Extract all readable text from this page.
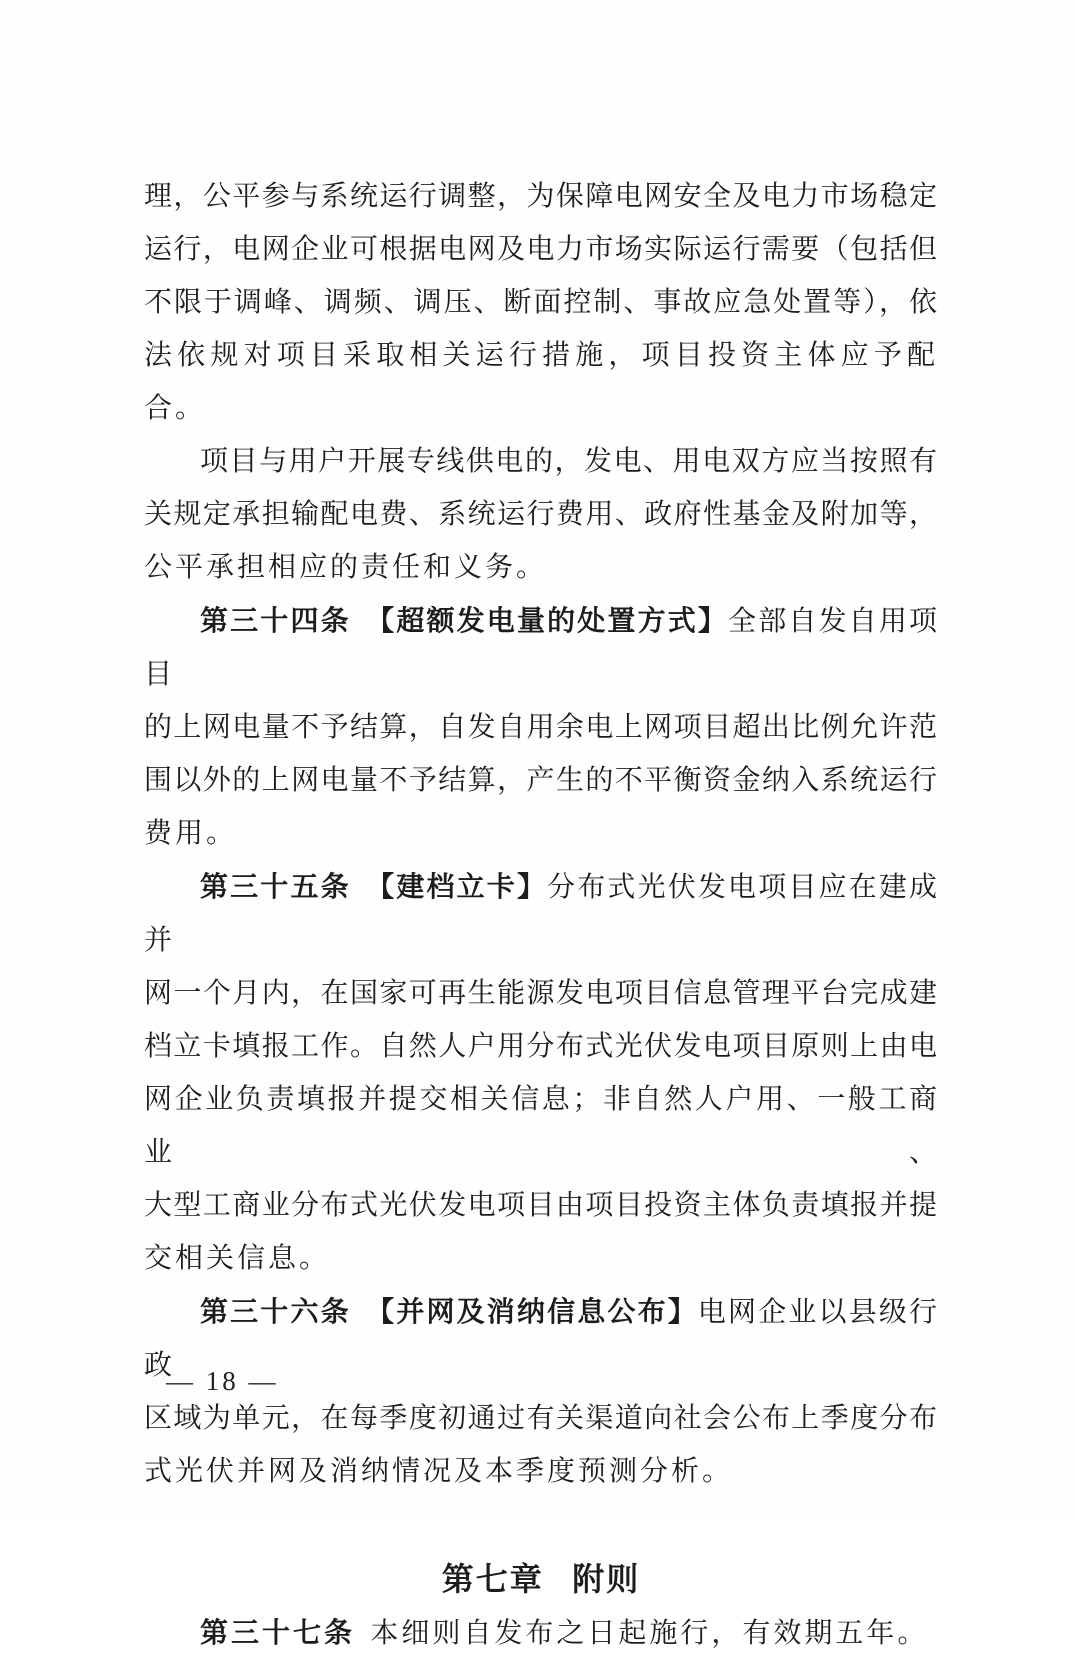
理，公平参与系统运行调整，为保障电网安全及电力市场稳定
运行，电网企业可根据电网及电力市场实际运行需要（包括但
不限于调峰、调频、调压、断面控制、事故应急处置等），依
法依规对项目采取相关运行措施，项目投资主体应予配合。
项目与用户开展专线供电的，发电、用电双方应当按照有
关规定承担输配电费、系统运行费用、政府性基金及附加等，
公平承担相应的责任和义务。
第三十四条 【超额发电量的处置方式】全部自发自用项目
的上网电量不予结算，自发自用余电上网项目超出比例允许范
围以外的上网电量不予结算，产生的不平衡资金纳入系统运行
费用。
第三十五条 【建档立卡】分布式光伏发电项目应在建成并
网一个月内，在国家可再生能源发电项目信息管理平台完成建
档立卡填报工作。自然人户用分布式光伏发电项目原则上由电
网企业负责填报并提交相关信息；非自然人户用、一般工商业、
大型工商业分布式光伏发电项目由项目投资主体负责填报并提
交相关信息。
第三十六条 【并网及消纳信息公布】电网企业以县级行政
区域为单元，在每季度初通过有关渠道向社会公布上季度分布
式光伏并网及消纳情况及本季度预测分析。
第七章 附则
第三十七条 本细则自发布之日起施行，有效期五年。
— 18 —
